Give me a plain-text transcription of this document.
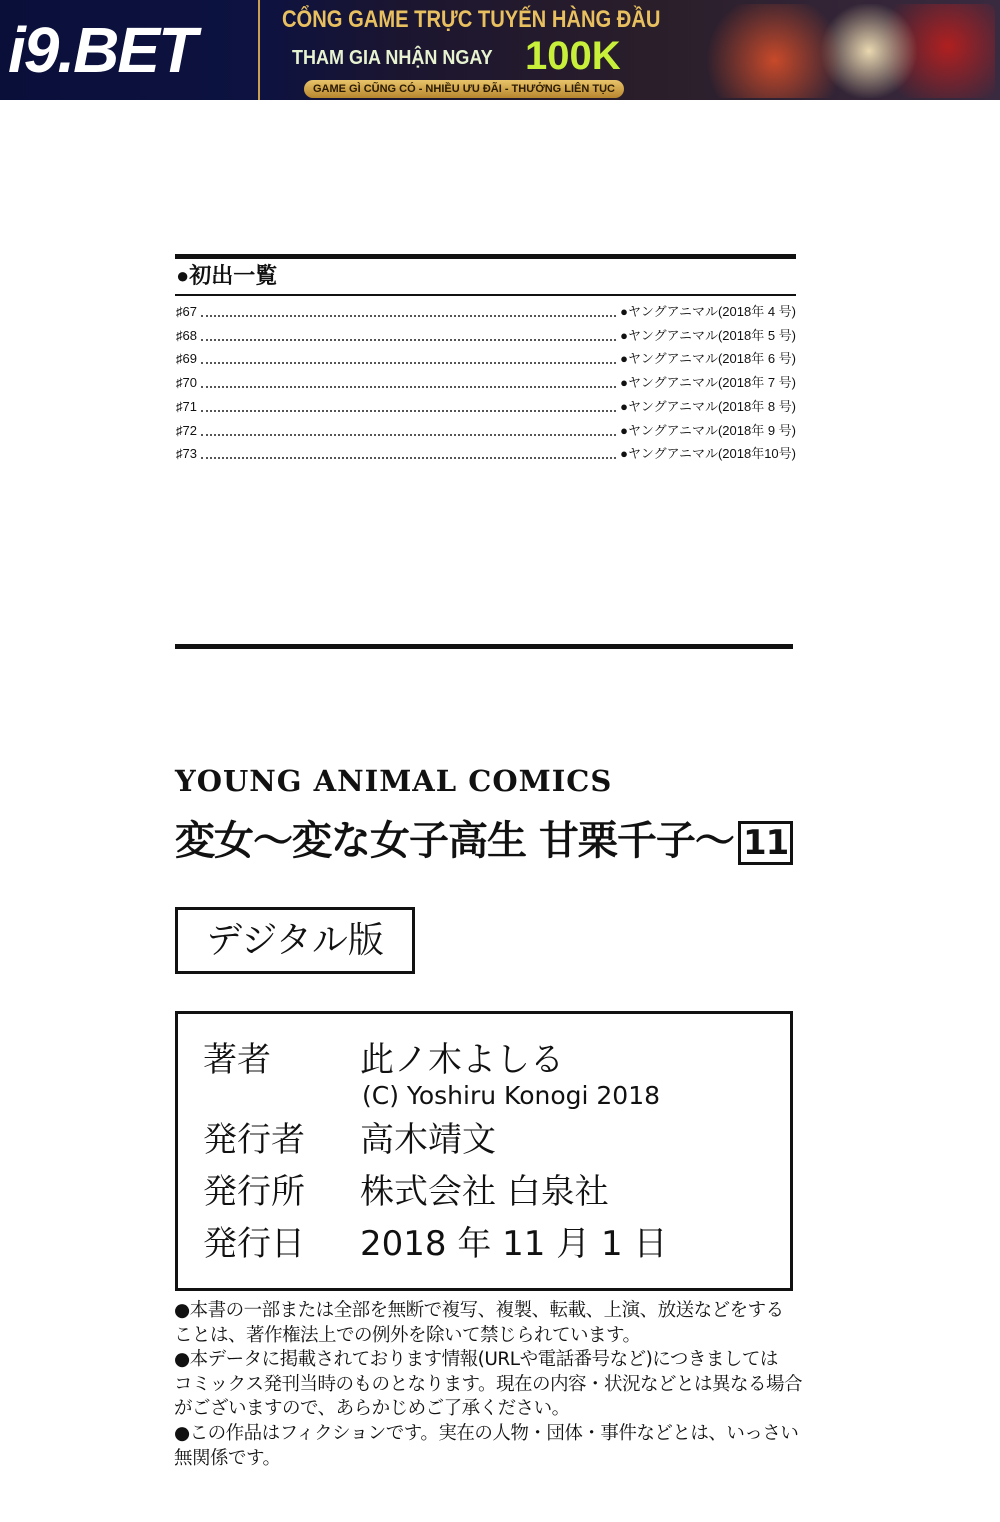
i9.BET	CỔNG GAME TRỰC TUYẾN HÀNG ĐẦU
THAM GIA NHẬN NGAY 100K
GAME GÌ CŨNG CÓ - NHIỀU ƯU ĐÃI - THƯỞNG LIÊN TỤC
●初出一覧
♯67	●ヤングアニマル(2018年 4 号)
♯68	●ヤングアニマル(2018年 5 号)
♯69	●ヤングアニマル(2018年 6 号)
♯70	●ヤングアニマル(2018年 7 号)
♯71	●ヤングアニマル(2018年 8 号)
♯72	●ヤングアニマル(2018年 9 号)
♯73	●ヤングアニマル(2018年10号)
YOUNG ANIMAL COMICS
変女〜変な女子高生 甘栗千子〜 11
デジタル版
著者	此ノ木よしる
(C) Yoshiru Konogi 2018
発行者 高木靖文
発行所 株式会社 白泉社
発行日 2018 年 11 月 1 日
●本書の一部または全部を無断で複写、複製、転載、上演、放送などをする
ことは、著作権法上での例外を除いて禁じられています。
●本データに掲載されております情報(URLや電話番号など)につきましては
コミックス発刊当時のものとなります。現在の内容・状況などとは異なる場合
がございますので、あらかじめご了承ください。
●この作品はフィクションです。実在の人物・団体・事件などとは、いっさい
無関係です。
